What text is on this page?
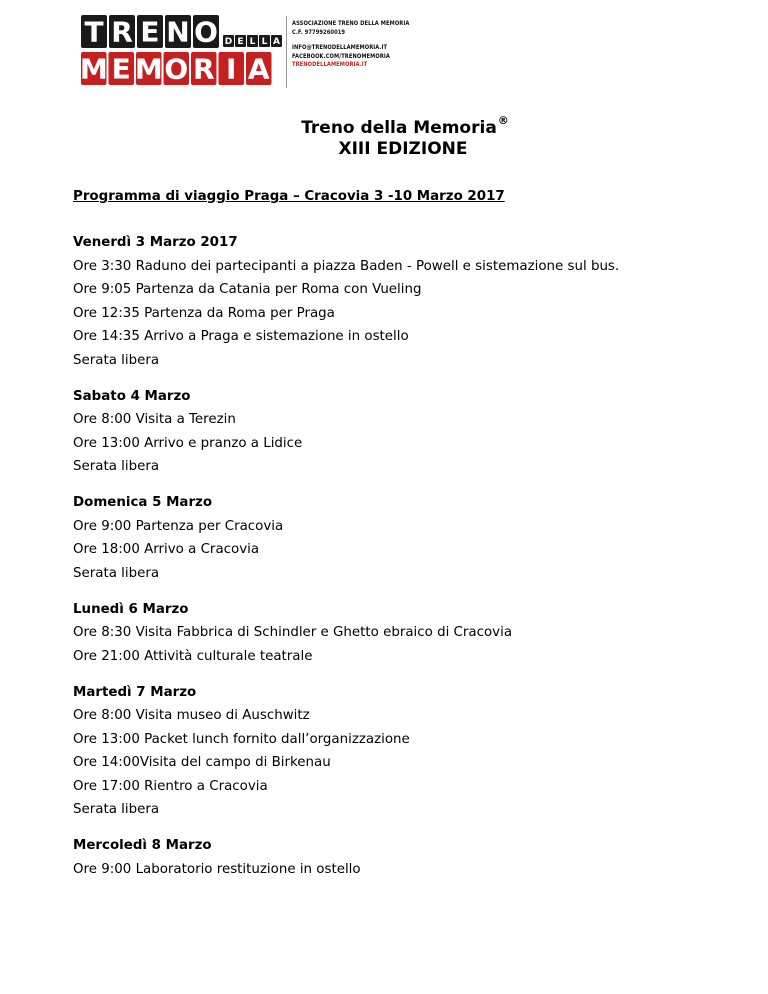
T R E N O D E L L A
M E M O R I A
ASSOCIAZIONE TRENO DELLA MEMORIA
C.F. 97799260019
INFO@TRENODELLAMEMORIA.IT
FACEBOOK.COM/TRENOMEMORIA
TRENODELLAMEMORIA.IT
Treno della Memoria®
XIII EDIZIONE
Programma di viaggio Praga – Cracovia 3 -10 Marzo 2017
Venerdì 3 Marzo 2017
Ore 3:30 Raduno dei partecipanti a piazza Baden - Powell e sistemazione sul bus.
Ore 9:05 Partenza da Catania per Roma con Vueling
Ore 12:35 Partenza da Roma per Praga
Ore 14:35 Arrivo a Praga e sistemazione in ostello
Serata libera
Sabato 4 Marzo
Ore 8:00 Visita a Terezin
Ore 13:00 Arrivo e pranzo a Lidice
Serata libera
Domenica 5 Marzo
Ore 9:00 Partenza per Cracovia
Ore 18:00 Arrivo a Cracovia
Serata libera
Lunedì 6 Marzo
Ore 8:30 Visita Fabbrica di Schindler e Ghetto ebraico di Cracovia
Ore 21:00 Attività culturale teatrale
Martedì 7 Marzo
Ore 8:00 Visita museo di Auschwitz
Ore 13:00 Packet lunch fornito dall’organizzazione
Ore 14:00Visita del campo di Birkenau
Ore 17:00 Rientro a Cracovia
Serata libera
Mercoledì 8 Marzo
Ore 9:00 Laboratorio restituzione in ostello
